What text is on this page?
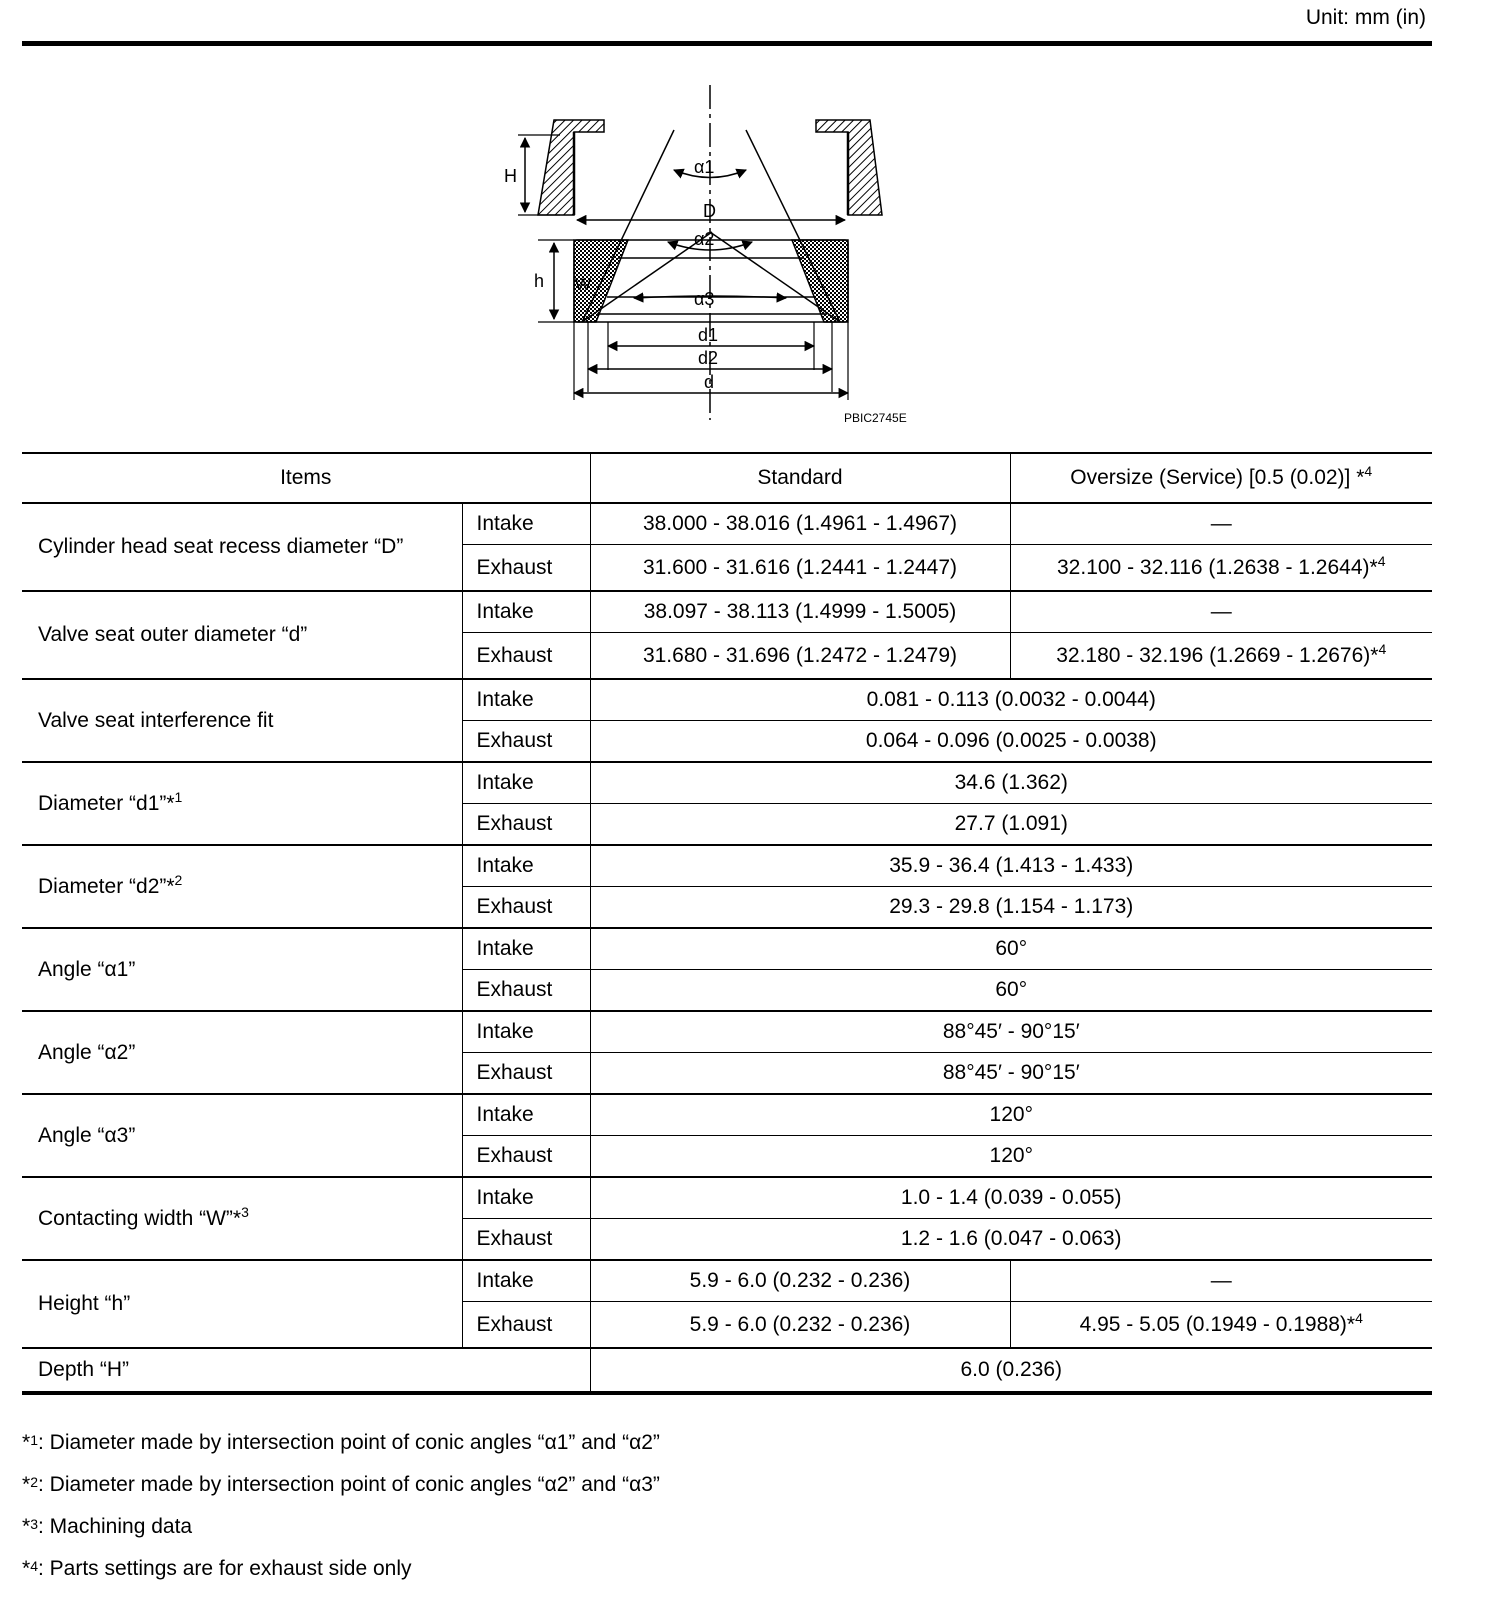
Unit: mm (in)
H
D
h W
α1
α2
α3
d1
d2
d
PBIC2745E
Items		Standard	Oversize (Service) [0.5 (0.02)] *$^4$
Cylinder head seat recess diameter “D”	Intake	38.000 - 38.016 (1.4961 - 1.4967)	—
	Exhaust	31.600 - 31.616 (1.2441 - 1.2447)	32.100 - 32.116 (1.2638 - 1.2644)*$^4$
Valve seat outer diameter “d”	Intake	38.097 - 38.113 (1.4999 - 1.5005)	—
	Exhaust	31.680 - 31.696 (1.2472 - 1.2479)	32.180 - 32.196 (1.2669 - 1.2676)*$^4$
Valve seat interference fit	Intake	0.081 - 0.113 (0.0032 - 0.0044)	
	Exhaust	0.064 - 0.096 (0.0025 - 0.0038)	
Diameter “d1”*$^1$	Intake	34.6 (1.362)	
	Exhaust	27.7 (1.091)	
Diameter “d2”*$^2$	Intake	35.9 - 36.4 (1.413 - 1.433)	
	Exhaust	29.3 - 29.8 (1.154 - 1.173)	
Angle “α1”	Intake	60°	
	Exhaust	60°	
Angle “α2”	Intake	88°45′ - 90°15′	
	Exhaust	88°45′ - 90°15′	
Angle “α3”	Intake	120°	
	Exhaust	120°	
Contacting width “W”*$^3$	Intake	1.0 - 1.4 (0.039 - 0.055)	
	Exhaust	1.2 - 1.6 (0.047 - 0.063)	
Height “h”	Intake	5.9 - 6.0 (0.232 - 0.236)	—
	Exhaust	5.9 - 6.0 (0.232 - 0.236)	4.95 - 5.05 (0.1949 - 0.1988)*$^4$
Depth “H”		6.0 (0.236)	
*$^1$: Diameter made by intersection point of conic angles “α1” and “α2”
*$^2$: Diameter made by intersection point of conic angles “α2” and “α3”
*$^3$: Machining data
*$^4$: Parts settings are for exhaust side only
